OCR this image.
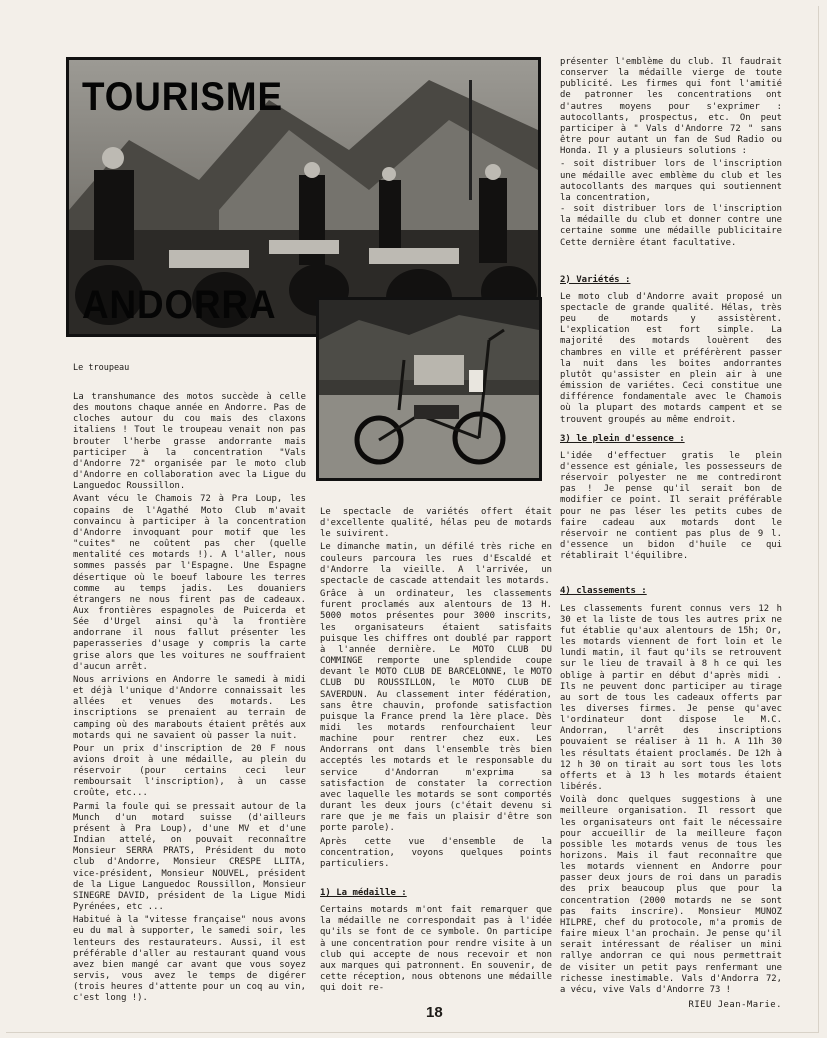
TOURISME
ANDORRA
Le troupeau

La transhumance des motos succède à celle des moutons chaque année en Andorre. Pas de cloches autour du cou mais des claxons italiens ! Tout le troupeau venait non pas brouter l'herbe grasse andorrante mais participer à la concentration "Vals d'Andorre 72" organisée par le moto club d'Andorre en collaboration avec la Ligue du Languedoc Roussillon.

Avant vécu le Chamois 72 à Pra Loup, les copains de l'Agathé Moto Club m'avait convaincu à participer à la concentration d'Andorre invoquant pour motif que les "cuites" ne coûtent pas cher (quelle mentalité ces motards !). A l'aller, nous sommes passés par l'Espagne. Une Espagne désertique où le boeuf laboure les terres comme au temps jadis. Les douaniers étrangers ne nous firent pas de cadeaux. Aux frontières espagnoles de Puicerda et Sée d'Urgel ainsi qu'à la frontière andorrane il nous fallut présenter les paperasseries d'usage y compris la carte grise alors que les voitures ne souffraient d'aucun arrêt.

Nous arrivions en Andorre le samedi à midi et déjà l'unique d'Andorre connaissait les allées et venues des motards. Les inscriptions se prenaient au terrain de camping où des marabouts étaient prêtés aux motards qui ne savaient où passer la nuit.

Pour un prix d'inscription de 20 F nous avions droit à une médaille, au plein du réservoir (pour certains ceci leur remboursait l'inscription), à un casse croûte, etc...

Parmi la foule qui se pressait autour de la Munch d'un motard suisse (d'ailleurs présent à Pra Loup), d'une MV et d'une Indian attelé, on pouvait reconnaître Monsieur SERRA PRATS, Président du moto club d'Andorre, Monsieur CRESPE LLITA, vice-président, Monsieur NOUVEL, président de la Ligue Languedoc Roussillon, Monsieur SINEGRE DAVID, président de la Ligue Midi Pyrénées, etc ...

Habitué à la "vitesse française" nous avons eu du mal à supporter, le samedi soir, les lenteurs des restaurateurs. Aussi, il est préférable d'aller au restaurant quand vous avez bien mangé car avant que vous soyez servis, vous avez le temps de digérer (trois heures d'attente pour un coq au vin, c'est long !).

Le spectacle de variétés offert était d'excellente qualité, hélas peu de motards le suivirent.

Le dimanche matin, un défilé très riche en couleurs parcoura les rues d'Escaldé et d'Andorre la vieille. A l'arrivée, un spectacle de cascade attendait les motards.

Grâce à un ordinateur, les classements furent proclamés aux alentours de 13 H. 5000 motos présentes pour 3000 inscrits, les organisateurs étaient satisfaits puisque les chiffres ont doublé par rapport à l'année dernière. Le MOTO CLUB DU COMMINGE remporte une splendide coupe devant le MOTO CLUB DE BARCELONNE, le MOTO CLUB DU ROUSSILLON, le MOTO CLUB DE SAVERDUN. Au classement inter fédération, sans être chauvin, profonde satisfaction puisque la France prend la 1ère place. Dès midi les motards renfourchaient leur machine pour rentrer chez eux. Les Andorrans ont dans l'ensemble très bien acceptés les motards et le responsable du service d'Andorran m'exprima sa satisfaction de constater la correction avec laquelle les motards se sont comportés durant les deux jours (c'était devenu si rare que je me fais un plaisir d'être son porte parole).

Après cette vue d'ensemble de la concentration, voyons quelques points particuliers.

1) La médaille :

Certains motards m'ont fait remarquer que la médaille ne correspondait pas à l'idée qu'ils se font de ce symbole. On participe à une concentration pour rendre visite à un club qui accepte de nous recevoir et non aux marques qui patronnent. En souvenir, de cette réception, nous obtenons une médaille qui doit re-

présenter l'emblème du club. Il faudrait conserver la médaille vierge de toute publicité. Les firmes qui font l'amitié de patronner les concentrations ont d'autres moyens pour s'exprimer : autocollants, prospectus, etc. On peut participer à " Vals d'Andorre 72 " sans être pour autant un fan de Sud Radio ou Honda. Il y a plusieurs solutions :

- soit distribuer lors de l'inscription une médaille avec emblème du club et les autocollants des marques qui soutiennent la concentration,

- soit distribuer lors de l'inscription la médaille du club et donner contre une certaine somme une médaille publicitaire Cette dernière étant facultative.

2) Variétés :

Le moto club d'Andorre avait proposé un spectacle de grande qualité. Hélas, très peu de motards y assistèrent. L'explication est fort simple. La majorité des motards louèrent des chambres en ville et préférèrent passer la nuit dans les boites andorrantes plutôt qu'assister en plein air à une émission de variétes. Ceci constitue une différence fondamentale avec le Chamois où la plupart des motards campent et se trouvent groupés au même endroit.

3) le plein d'essence :

L'idée d'effectuer gratis le plein d'essence est géniale, les possesseurs de réservoir polyester ne me contrediront pas ! Je pense qu'il serait bon de modifier ce point. Il serait préférable pour ne pas léser les petits cubes de faire cadeau aux motards dont le réservoir ne contient pas plus de 9 l. d'essence un bidon d'huile ce qui rétablirait l'équilibre.

4) classements :

Les classements furent connus vers 12 h 30 et la liste de tous les autres prix ne fut établie qu'aux alentours de 15h; Or, les motards viennent de fort loin et le lundi matin, il faut qu'ils se retrouvent sur le lieu de travail à 8 h ce qui les oblige à partir en début d'après midi . Ils ne peuvent donc participer au tirage au sort de tous les cadeaux offerts par les diverses firmes. Je pense qu'avec l'ordinateur dont dispose le M.C. Andorran, l'arrêt des inscriptions pouvaient se réaliser à 11 h. A 11h 30 les résultats étaient proclamés. De 12h à 12 h 30 on tirait au sort tous les lots offerts et à 13 h les motards étaient libérés.

Voilà donc quelques suggestions à une meilleure organisation. Il ressort que les organisateurs ont fait le nécessaire pour accueillir de la meilleure façon possible les motards venus de tous les horizons. Mais il faut reconnaître que les motards viennent en Andorre pour passer deux jours de roi dans un paradis des prix beaucoup plus que pour la concentration (2000 motards ne se sont pas faits inscrire). Monsieur MUNOZ HILPRE, chef du protocole, m'a promis de faire mieux l'an prochain. Je pense qu'il serait intéressant de réaliser un mini rallye andorran ce qui nous permettrait de visiter un petit pays renfermant une richesse inestimable. Vals d'Andorra 72, a vécu, vive Vals d'Andorre 73 !

RIEU Jean-Marie.

18
